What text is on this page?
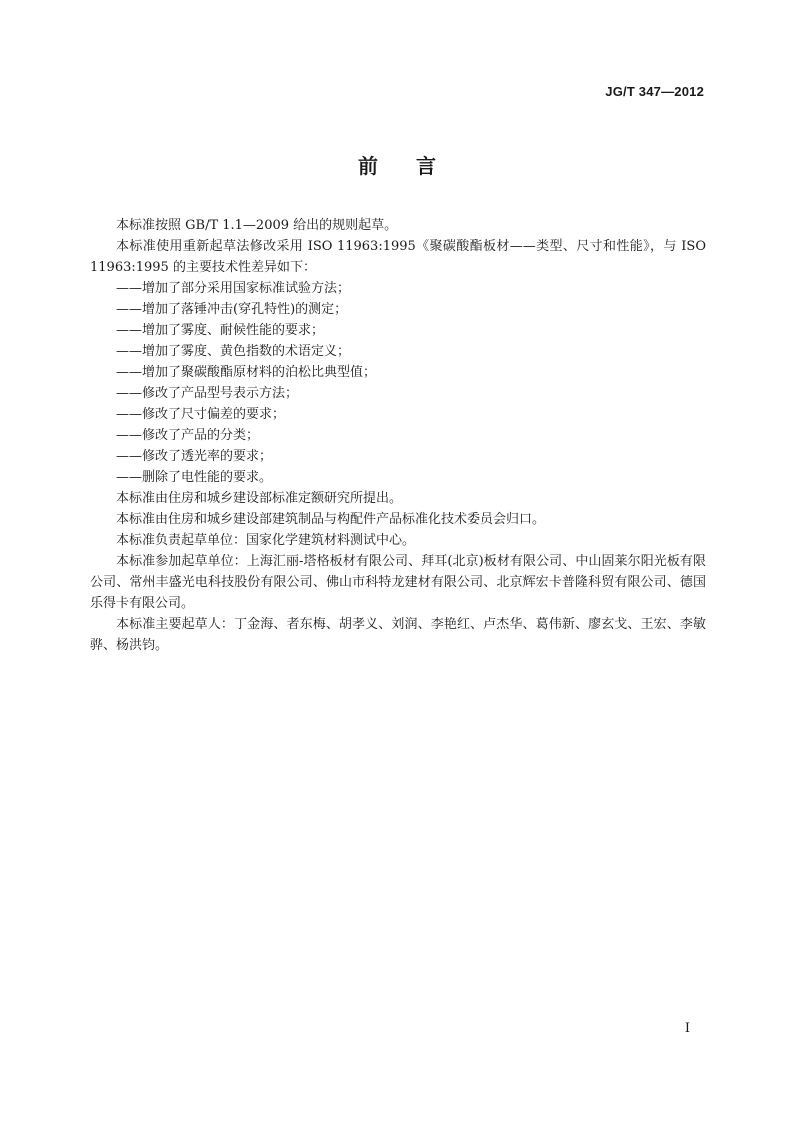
JG/T 347—2012
前言

本标准按照 GB/T 1.1—2009 给出的规则起草。

本标准使用重新起草法修改采用 ISO 11963:1995《聚碳酸酯板材——类型、尺寸和性能》，与 ISO 11963:1995 的主要技术性差异如下：

——增加了部分采用国家标准试验方法；

——增加了落锤冲击(穿孔特性)的测定；

——增加了雾度、耐候性能的要求；

——增加了雾度、黄色指数的术语定义；

——增加了聚碳酸酯原材料的泊松比典型值；

——修改了产品型号表示方法；

——修改了尺寸偏差的要求；

——修改了产品的分类；

——修改了透光率的要求；

——删除了电性能的要求。

本标准由住房和城乡建设部标准定额研究所提出。

本标准由住房和城乡建设部建筑制品与构配件产品标准化技术委员会归口。

本标准负责起草单位：国家化学建筑材料测试中心。

本标准参加起草单位：上海汇丽-塔格板材有限公司、拜耳(北京)板材有限公司、中山固莱尔阳光板有限公司、常州丰盛光电科技股份有限公司、佛山市科特龙建材有限公司、北京辉宏卡普隆科贸有限公司、德国乐得卡有限公司。

本标准主要起草人：丁金海、者东梅、胡孝义、刘润、李艳红、卢杰华、葛伟新、廖玄戈、王宏、李敏骅、杨洪钧。

I
